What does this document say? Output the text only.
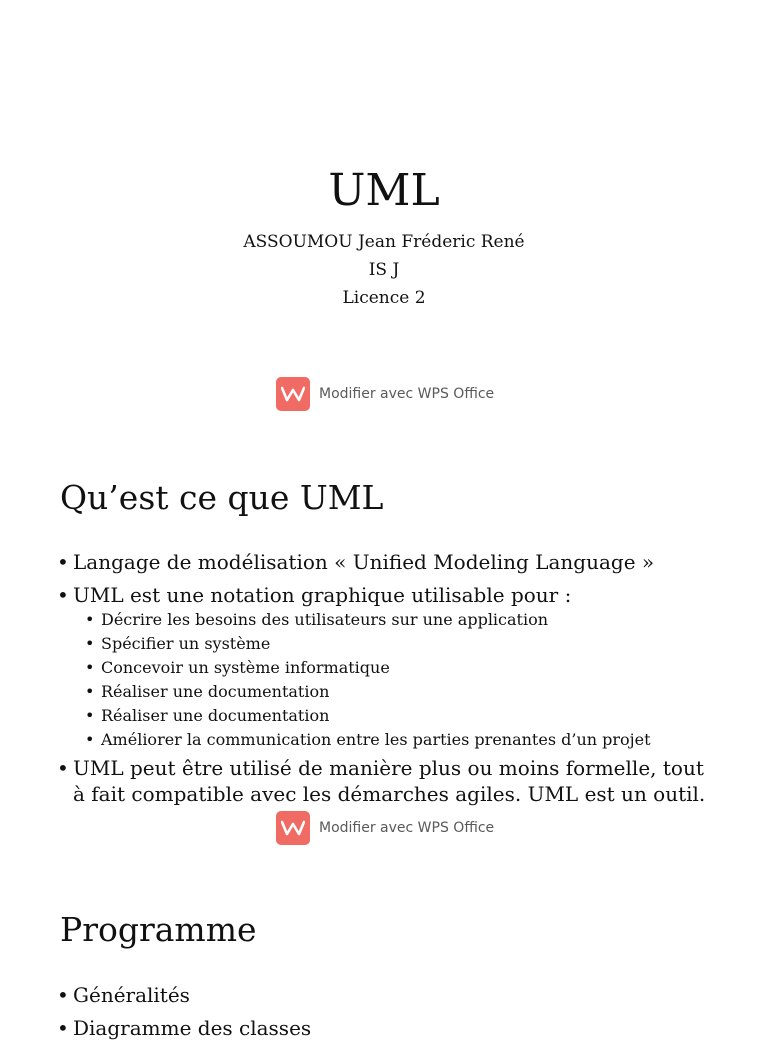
UML
ASSOUMOU Jean Fréderic René
IS J
Licence 2
Modifier avec WPS Office
Qu’est ce que UML
• Langage de modélisation « Unified Modeling Language »
• UML est une notation graphique utilisable pour :
• Décrire les besoins des utilisateurs sur une application
• Spécifier un système
• Concevoir un système informatique
• Réaliser une documentation
• Réaliser une documentation
• Améliorer la communication entre les parties prenantes d’un projet
• UML peut être utilisé de manière plus ou moins formelle, tout à fait compatible avec les démarches agiles. UML est un outil.
Modifier avec WPS Office
Programme
• Généralités
• Diagramme des classes
